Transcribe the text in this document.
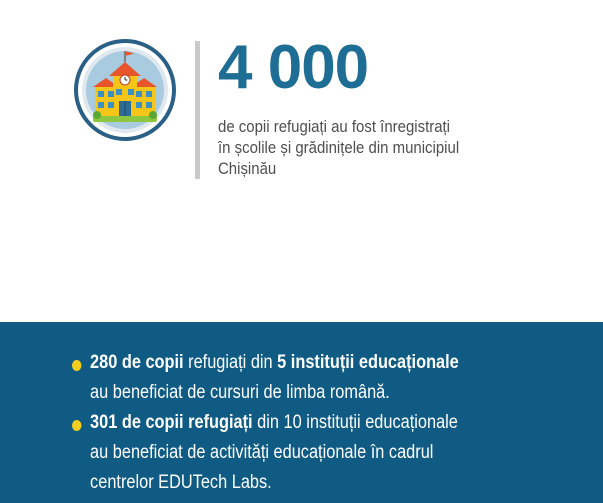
4 000

de copii refugiați au fost înregistrați
în școlile și grădinițele din municipiul
Chișinău

280 de copii refugiați din 5 instituții educaționale
au beneficiat de cursuri de limba română.
301 de copii refugiați din 10 instituții educaționale
au beneficiat de activități educaționale în cadrul
centrelor EDUTech Labs.
